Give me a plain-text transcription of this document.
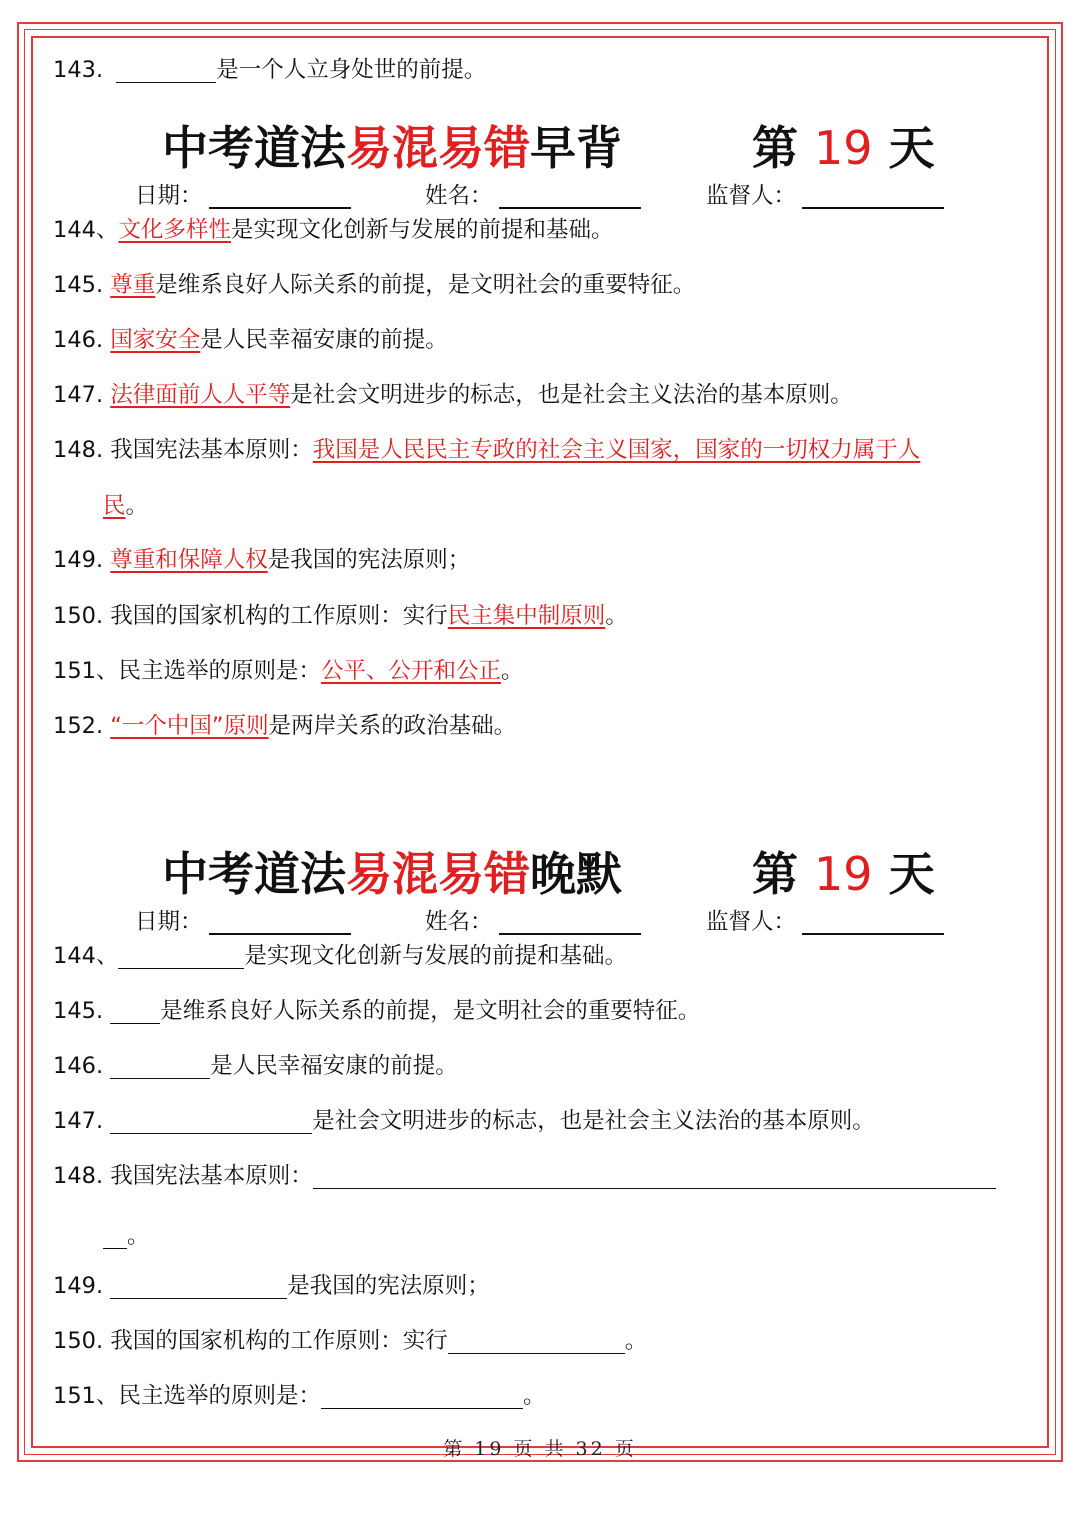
143.	是一个人立身处世的前提。
中考道法易混易错早背	第 19 天
日期：	姓名：	监督人：
144、文化多样性是实现文化创新与发展的前提和基础。
145. 尊重是维系良好人际关系的前提，是文明社会的重要特征。
146. 国家安全是人民幸福安康的前提。
147. 法律面前人人平等是社会文明进步的标志，也是社会主义法治的基本原则。
148. 我国宪法基本原则：我国是人民民主专政的社会主义国家，国家的一切权力属于人
民。
149. 尊重和保障人权是我国的宪法原则；
150. 我国的国家机构的工作原则：实行民主集中制原则。
151、民主选举的原则是：公平、公开和公正。
152. “一个中国”原则是两岸关系的政治基础。
中考道法易混易错晚默	第 19 天
日期：	姓名：	监督人：
144、	是实现文化创新与发展的前提和基础。
145.	是维系良好人际关系的前提，是文明社会的重要特征。
146.	是人民幸福安康的前提。
147.	是社会文明进步的标志，也是社会主义法治的基本原则。
148. 我国宪法基本原则：
。
149.	是我国的宪法原则；
150. 我国的国家机构的工作原则：实行	。
151、民主选举的原则是：	。
第 19 页 共 32 页
